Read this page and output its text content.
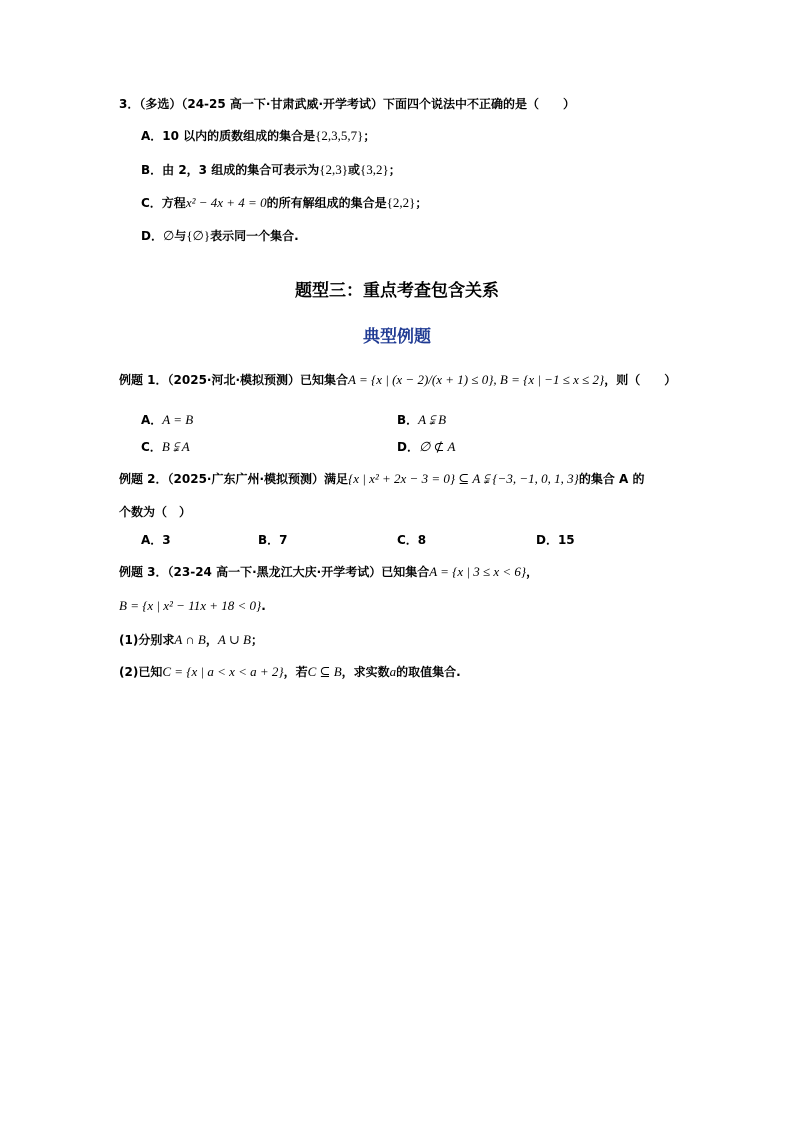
3．（多选）（24-25 高一下·甘肃武威·开学考试）下面四个说法中不正确的是（　　）
A．10 以内的质数组成的集合是{2,3,5,7}；
B．由 2，3 组成的集合可表示为{2,3}或{3,2}；
C．方程x² − 4x + 4 = 0的所有解组成的集合是{2,2}；
D．∅与{∅}表示同一个集合.
题型三：重点考查包含关系
典型例题
例题 1．（2025·河北·模拟预测）已知集合A = {x | (x − 2)/(x + 1) ≤ 0}, B = {x | −1 ≤ x ≤ 2}，则（　　）
A．A = B	B．A ⫋ B
C．B ⫋ A	D．∅ ⊄ A
例题 2．（2025·广东广州·模拟预测）满足{x | x² + 2x − 3 = 0} ⊆ A ⫋ {−3, −1, 0, 1, 3}的集合 A 的
个数为（　）
A．3	B．7	C．8	D．15
例题 3．（23-24 高一下·黑龙江大庆·开学考试）已知集合A = {x | 3 ≤ x < 6}，
B = {x | x² − 11x + 18 < 0}.
(1)分别求A ∩ B，A ∪ B；
(2)已知C = {x | a < x < a + 2}，若C ⊆ B，求实数a的取值集合.
